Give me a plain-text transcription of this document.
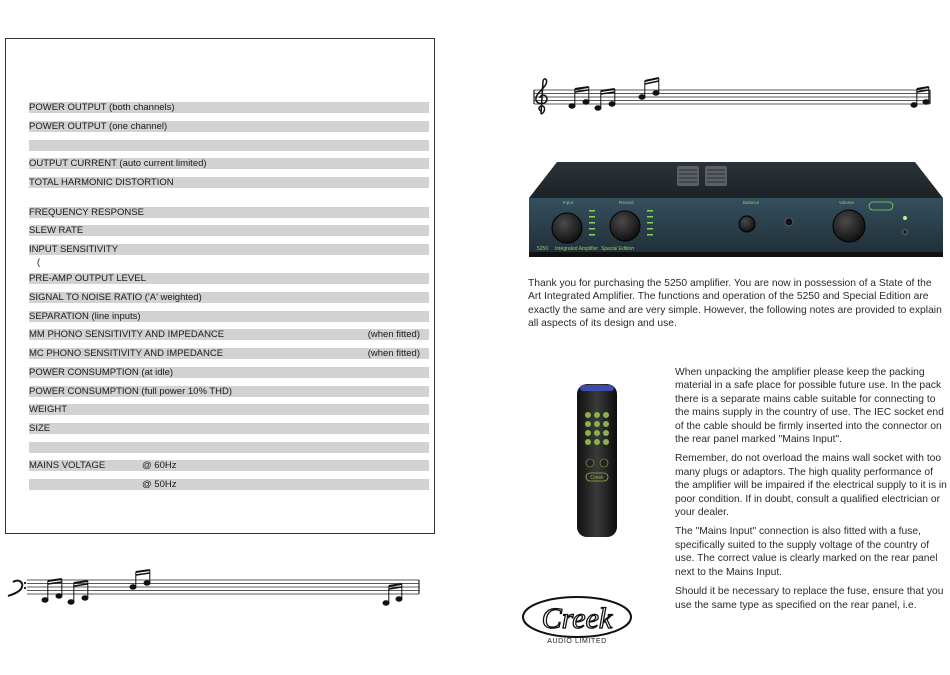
(
POWER OUTPUT (both channels)
POWER OUTPUT (one channel)
OUTPUT CURRENT (auto current limited)
TOTAL HARMONIC DISTORTION
FREQUENCY RESPONSE
SLEW RATE
INPUT SENSITIVITY
PRE-AMP OUTPUT LEVEL
SIGNAL TO NOISE RATIO ('A' weighted)
SEPARATION (line inputs)
MM PHONO SENSITIVITY AND IMPEDANCE	(when fitted)
MC PHONO SENSITIVITY AND IMPEDANCE	(when fitted)
POWER CONSUMPTION (at idle)
POWER CONSUMPTION (full power 10% THD)
WEIGHT
SIZE
MAINS VOLTAGE	@ 60Hz
@ 50Hz
Input	Record	Balance	Volume
5250 Integrated Amplifier Special Edition

Thank you for purchasing the 5250 amplifier. You are now in possession of a State of the Art Integrated Amplifier. The functions and operation of the 5250 and Special Edition are exactly the same and are very simple. However, the following notes are provided to explain all aspects of its design and use.

Creek

When unpacking the amplifier please keep the packing material in a safe place for possible future use. In the pack there is a separate mains cable suitable for connecting to the mains supply in the country of use. The IEC socket end of the cable should be firmly inserted into the connector on the rear panel marked "Mains Input".

Remember, do not overload the mains wall socket with too many plugs or adaptors. The high quality performance of the amplifier will be impaired if the electrical supply to it is in poor condition. If in doubt, consult a qualified electrician or your dealer.

The "Mains Input" connection is also fitted with a fuse, specifically suited to the supply voltage of the country of use. The correct value is clearly marked on the rear panel next to the Mains Input.

Should it be necessary to replace the fuse, ensure that you use the same type as specified on the rear panel, i.e.

Creek
AUDIO LIMITED
